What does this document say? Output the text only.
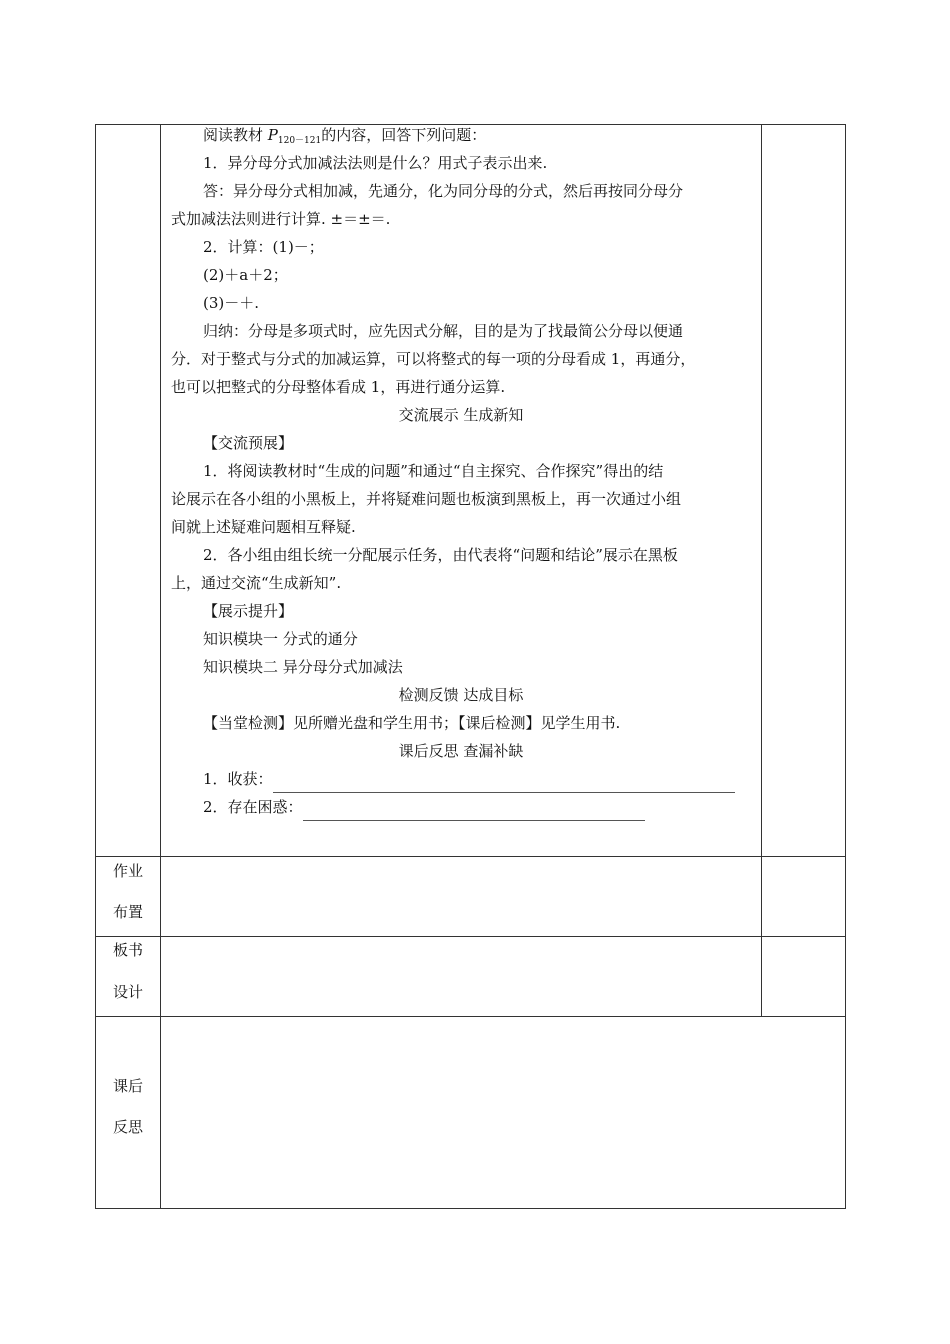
阅读教材 $P_{120-121}$的内容，回答下列问题：
1．异分母分式加减法法则是什么？用式子表示出来.
答：异分母分式相加减，先通分，化为同分母的分式，然后再按同分母分
式加减法法则进行计算. ±＝±＝.
2．计算：(1)－；
(2)＋a＋2；
(3)－＋.
归纳：分母是多项式时，应先因式分解，目的是为了找最简公分母以便通
分．对于整式与分式的加减运算，可以将整式的每一项的分母看成 1，再通分，
也可以把整式的分母整体看成 1，再进行通分运算.
交流展示 生成新知
【交流预展】
1．将阅读教材时“生成的问题”和通过“自主探究、合作探究”得出的结
论展示在各小组的小黑板上，并将疑难问题也板演到黑板上，再一次通过小组
间就上述疑难问题相互释疑.
2．各小组由组长统一分配展示任务，由代表将“问题和结论”展示在黑板
上，通过交流“生成新知”.
【展示提升】
知识模块一 分式的通分
知识模块二 异分母分式加减法
检测反馈 达成目标
【当堂检测】见所赠光盘和学生用书；【课后检测】见学生用书.
课后反思 查漏补缺
1．收获：
2．存在困惑：
作业
布置
板书
设计
课后
反思
